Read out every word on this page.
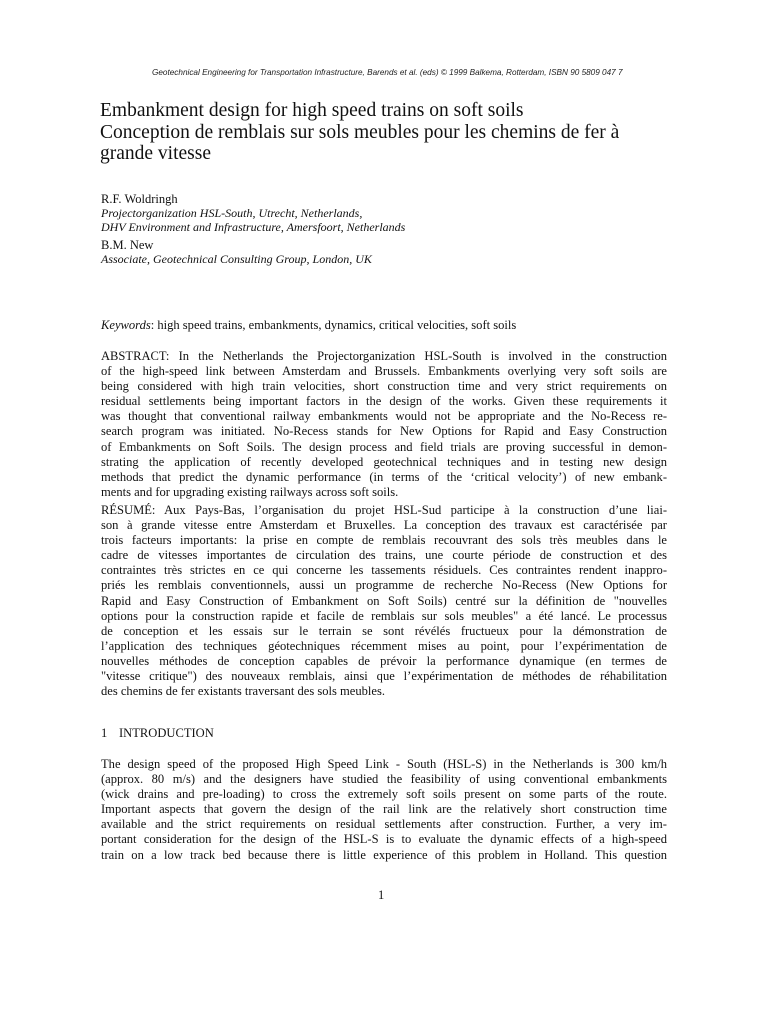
Geotechnical Engineering for Transportation Infrastructure, Barends et al. (eds) © 1999 Balkema, Rotterdam, ISBN 90 5809 047 7
Embankment design for high speed trains on soft soils
Conception de remblais sur sols meubles pour les chemins de fer à
grande vitesse
R.F. Woldringh
Projectorganization HSL-South, Utrecht, Netherlands,
DHV Environment and Infrastructure, Amersfoort, Netherlands
B.M. New
Associate, Geotechnical Consulting Group, London, UK

Keywords: high speed trains, embankments, dynamics, critical velocities, soft soils

ABSTRACT: In the Netherlands the Projectorganization HSL-South is involved in the construction
of the high-speed link between Amsterdam and Brussels. Embankments overlying very soft soils are
being considered with high train velocities, short construction time and very strict requirements on
residual settlements being important factors in the design of the works. Given these requirements it
was thought that conventional railway embankments would not be appropriate and the No-Recess re-
search program was initiated. No-Recess stands for New Options for Rapid and Easy Construction
of Embankments on Soft Soils. The design process and field trials are proving successful in demon-
strating the application of recently developed geotechnical techniques and in testing new design
methods that predict the dynamic performance (in terms of the ‘critical velocity’) of new embank-
ments and for upgrading existing railways across soft soils.
RÉSUMÉ: Aux Pays-Bas, l’organisation du projet HSL-Sud participe à la construction d’une liai-
son à grande vitesse entre Amsterdam et Bruxelles. La conception des travaux est caractérisée par
trois facteurs importants: la prise en compte de remblais recouvrant des sols très meubles dans le
cadre de vitesses importantes de circulation des trains, une courte période de construction et des
contraintes très strictes en ce qui concerne les tassements résiduels. Ces contraintes rendent inappro-
priés les remblais conventionnels, aussi un programme de recherche No-Recess (New Options for
Rapid and Easy Construction of Embankment on Soft Soils) centré sur la définition de "nouvelles
options pour la construction rapide et facile de remblais sur sols meubles" a été lancé. Le processus
de conception et les essais sur le terrain se sont révélés fructueux pour la démonstration de
l’application des techniques géotechniques récemment mises au point, pour l’expérimentation de
nouvelles méthodes de conception capables de prévoir la performance dynamique (en termes de
"vitesse critique") des nouveaux remblais, ainsi que l’expérimentation de méthodes de réhabilitation
des chemins de fer existants traversant des sols meubles.
1 INTRODUCTION
The design speed of the proposed High Speed Link - South (HSL-S) in the Netherlands is 300 km/h
(approx. 80 m/s) and the designers have studied the feasibility of using conventional embankments
(wick drains and pre-loading) to cross the extremely soft soils present on some parts of the route.
Important aspects that govern the design of the rail link are the relatively short construction time
available and the strict requirements on residual settlements after construction. Further, a very im-
portant consideration for the design of the HSL-S is to evaluate the dynamic effects of a high-speed
train on a low track bed because there is little experience of this problem in Holland. This question
1
